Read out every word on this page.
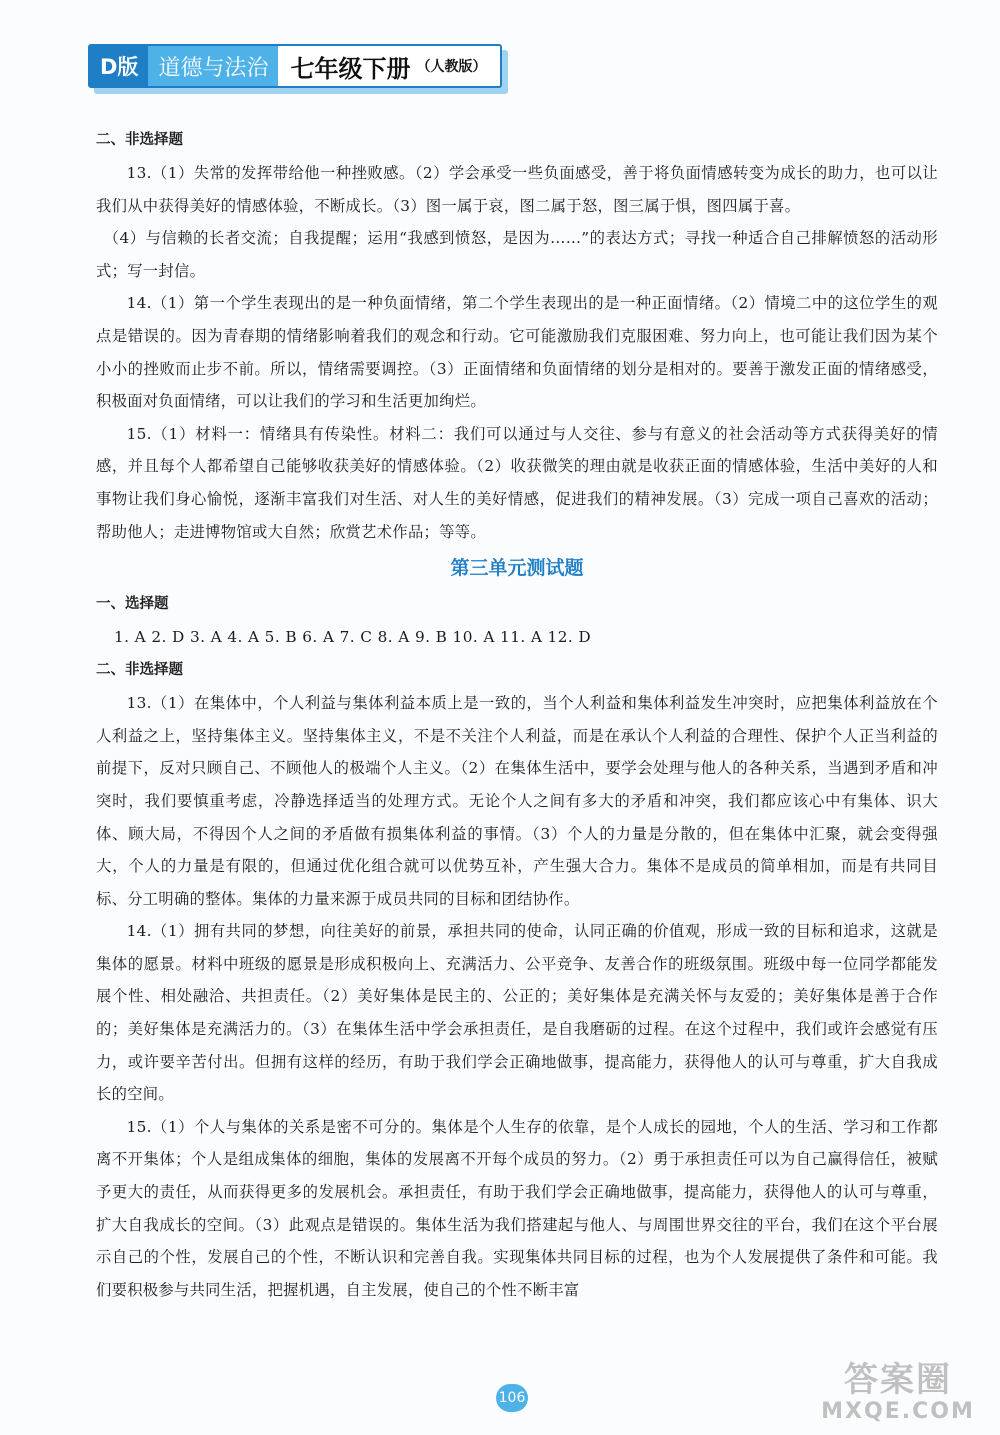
D版 道德与法治 七年级下册 （人教版）

二、非选择题

13.（1）失常的发挥带给他一种挫败感。（2）学会承受一些负面感受，善于将负面情感转变为成长的助力，也可以让我们从中获得美好的情感体验，不断成长。（3）图一属于哀，图二属于怒，图三属于惧，图四属于喜。

（4）与信赖的长者交流；自我提醒；运用“我感到愤怒，是因为……”的表达方式；寻找一种适合自己排解愤怒的活动形式；写一封信。

14.（1）第一个学生表现出的是一种负面情绪，第二个学生表现出的是一种正面情绪。（2）情境二中的这位学生的观点是错误的。因为青春期的情绪影响着我们的观念和行动。它可能激励我们克服困难、努力向上，也可能让我们因为某个小小的挫败而止步不前。所以，情绪需要调控。（3）正面情绪和负面情绪的划分是相对的。要善于激发正面的情绪感受，积极面对负面情绪，可以让我们的学习和生活更加绚烂。

15.（1）材料一：情绪具有传染性。材料二：我们可以通过与人交往、参与有意义的社会活动等方式获得美好的情感，并且每个人都希望自己能够收获美好的情感体验。（2）收获微笑的理由就是收获正面的情感体验，生活中美好的人和事物让我们身心愉悦，逐渐丰富我们对生活、对人生的美好情感，促进我们的精神发展。（3）完成一项自己喜欢的活动；帮助他人；走进博物馆或大自然；欣赏艺术作品；等等。

第三单元测试题

一、选择题

1. A 2. D 3. A 4. A 5. B 6. A 7. C 8. A 9. B 10. A 11. A 12. D

二、非选择题

13.（1）在集体中，个人利益与集体利益本质上是一致的，当个人利益和集体利益发生冲突时，应把集体利益放在个人利益之上，坚持集体主义。坚持集体主义，不是不关注个人利益，而是在承认个人利益的合理性、保护个人正当利益的前提下，反对只顾自己、不顾他人的极端个人主义。（2）在集体生活中，要学会处理与他人的各种关系，当遇到矛盾和冲突时，我们要慎重考虑，冷静选择适当的处理方式。无论个人之间有多大的矛盾和冲突，我们都应该心中有集体、识大体、顾大局，不得因个人之间的矛盾做有损集体利益的事情。（3）个人的力量是分散的，但在集体中汇聚，就会变得强大，个人的力量是有限的，但通过优化组合就可以优势互补，产生强大合力。集体不是成员的简单相加，而是有共同目标、分工明确的整体。集体的力量来源于成员共同的目标和团结协作。

14.（1）拥有共同的梦想，向往美好的前景，承担共同的使命，认同正确的价值观，形成一致的目标和追求，这就是集体的愿景。材料中班级的愿景是形成积极向上、充满活力、公平竞争、友善合作的班级氛围。班级中每一位同学都能发展个性、相处融洽、共担责任。（2）美好集体是民主的、公正的；美好集体是充满关怀与友爱的；美好集体是善于合作的；美好集体是充满活力的。（3）在集体生活中学会承担责任，是自我磨砺的过程。在这个过程中，我们或许会感觉有压力，或许要辛苦付出。但拥有这样的经历，有助于我们学会正确地做事，提高能力，获得他人的认可与尊重，扩大自我成长的空间。

15.（1）个人与集体的关系是密不可分的。集体是个人生存的依靠，是个人成长的园地，个人的生活、学习和工作都离不开集体；个人是组成集体的细胞，集体的发展离不开每个成员的努力。（2）勇于承担责任可以为自己赢得信任，被赋予更大的责任，从而获得更多的发展机会。承担责任，有助于我们学会正确地做事，提高能力，获得他人的认可与尊重，扩大自我成长的空间。（3）此观点是错误的。集体生活为我们搭建起与他人、与周围世界交往的平台，我们在这个平台展示自己的个性，发展自己的个性，不断认识和完善自我。实现集体共同目标的过程，也为个人发展提供了条件和可能。我们要积极参与共同生活，把握机遇，自主发展，使自己的个性不断丰富

106	答案圈
MXQE.COM
